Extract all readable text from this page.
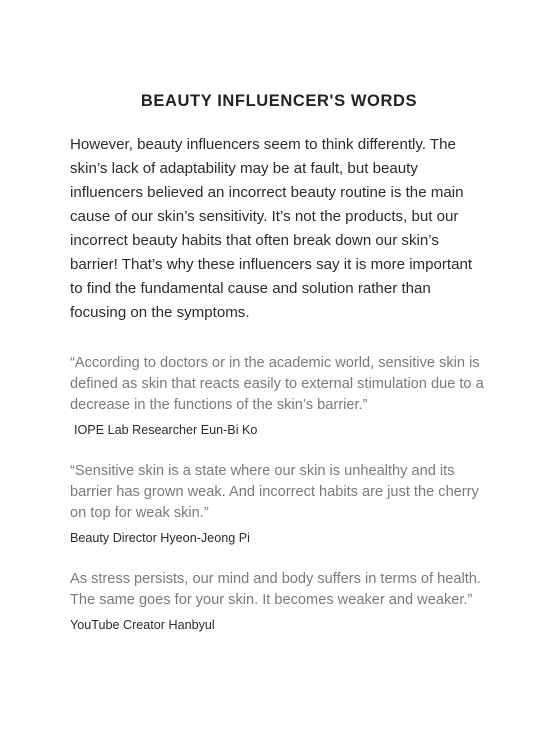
BEAUTY INFLUENCER'S WORDS

However, beauty influencers seem to think differently. The skin’s lack of adaptability may be at fault, but beauty influencers believed an incorrect beauty routine is the main cause of our skin’s sensitivity. It’s not the products, but our incorrect beauty habits that often break down our skin’s barrier! That’s why these influencers say it is more important to find the fundamental cause and solution rather than focusing on the symptoms.

“According to doctors or in the academic world, sensitive skin is defined as skin that reacts easily to external stimulation due to a decrease in the functions of the skin’s barrier.”

IOPE Lab Researcher Eun-Bi Ko

“Sensitive skin is a state where our skin is unhealthy and its barrier has grown weak. And incorrect habits are just the cherry on top for weak skin.”

Beauty Director Hyeon-Jeong Pi

As stress persists, our mind and body suffers in terms of health. The same goes for your skin. It becomes weaker and weaker.”

YouTube Creator Hanbyul
